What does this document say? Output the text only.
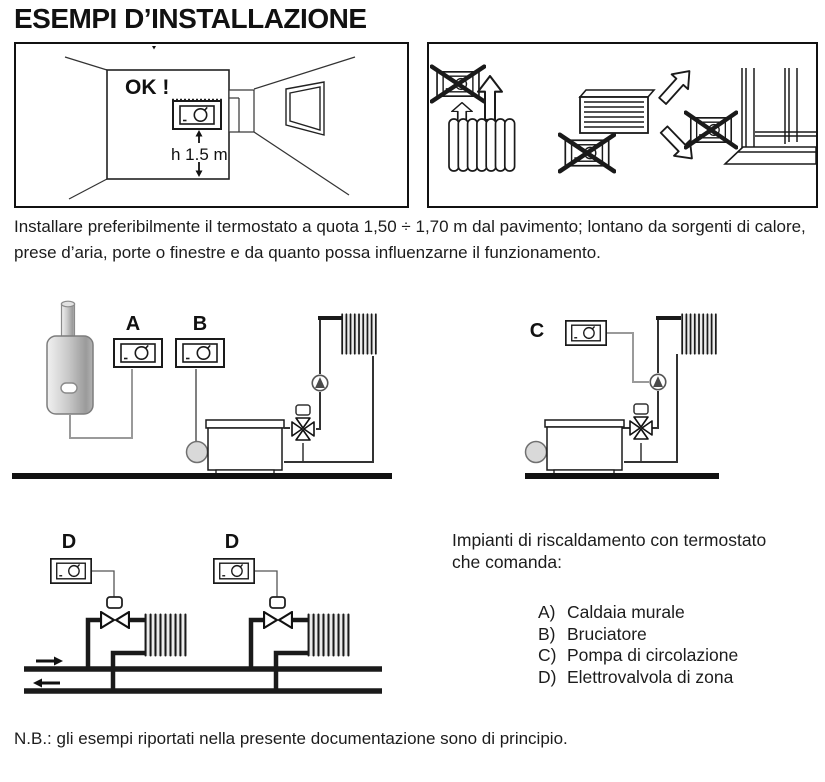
ESEMPI D’INSTALLAZIONE
OK !
h 1.5 m
Installare preferibilmente il termostato a quota 1,50 ÷ 1,70 m dal pavimento; lontano da sorgenti di calore, prese d’aria, porte o finestre e da quanto possa influenzarne il funzionamento.
A	B	C
D	D	Impianti di riscaldamento con termostato
che comanda:
A) Caldaia murale
B) Bruciatore
C) Pompa di circolazione
D) Elettrovalvola di zona
N.B.: gli esempi riportati nella presente documentazione sono di principio.
